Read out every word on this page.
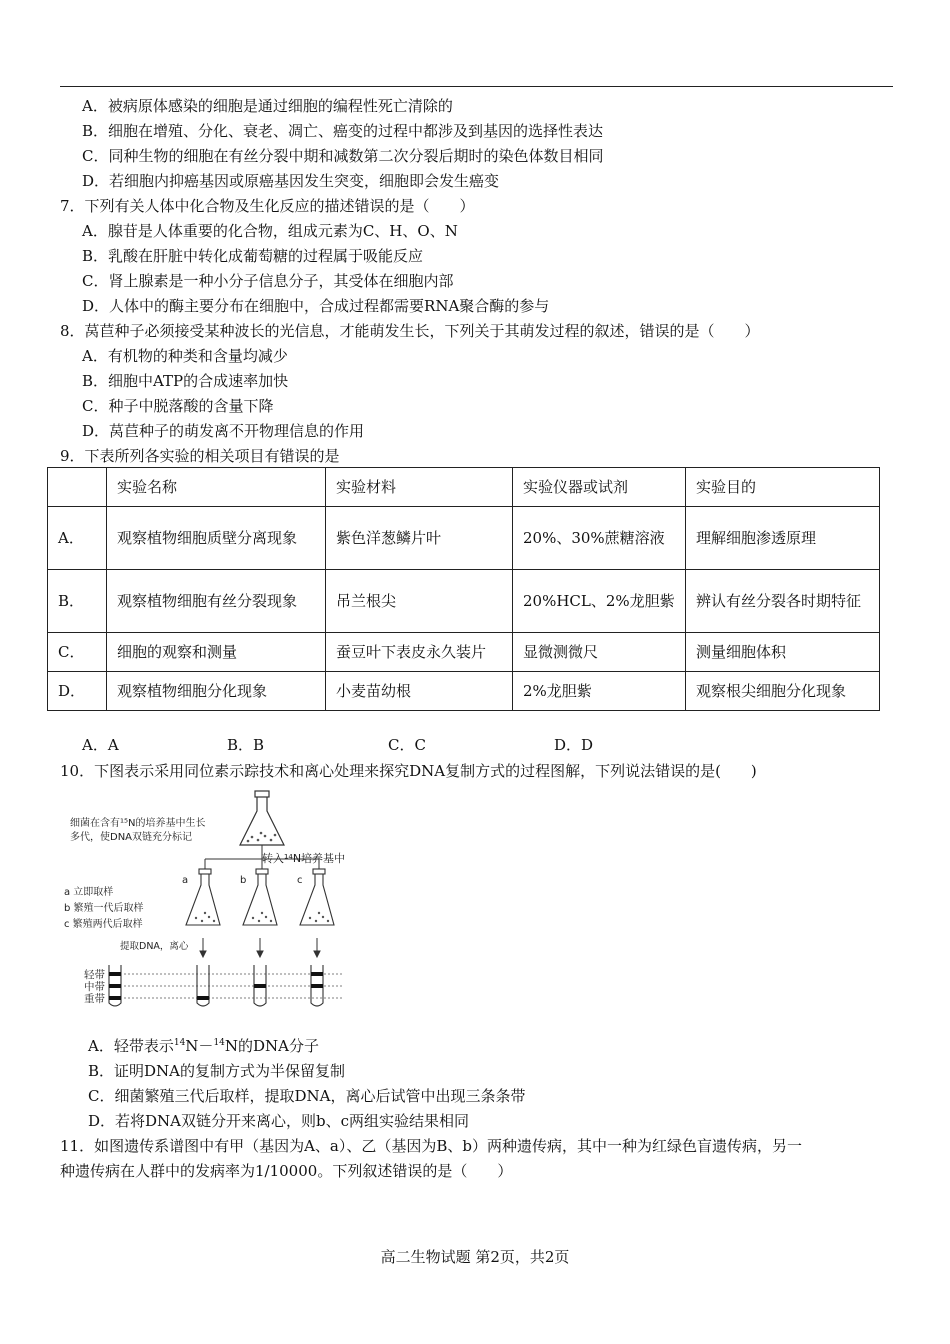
A．被病原体感染的细胞是通过细胞的编程性死亡清除的
B．细胞在增殖、分化、衰老、凋亡、癌变的过程中都涉及到基因的选择性表达
C．同种生物的细胞在有丝分裂中期和减数第二次分裂后期时的染色体数目相同
D．若细胞内抑癌基因或原癌基因发生突变，细胞即会发生癌变
7．下列有关人体中化合物及生化反应的描述错误的是（　　）
A．腺苷是人体重要的化合物，组成元素为C、H、O、N
B．乳酸在肝脏中转化成葡萄糖的过程属于吸能反应
C．肾上腺素是一种小分子信息分子，其受体在细胞内部
D．人体中的酶主要分布在细胞中，合成过程都需要RNA聚合酶的参与
8．莴苣种子必须接受某种波长的光信息，才能萌发生长，下列关于其萌发过程的叙述，错误的是（　　）
A．有机物的种类和含量均减少
B．细胞中ATP的合成速率加快
C．种子中脱落酸的含量下降
D．莴苣种子的萌发离不开物理信息的作用
9．下表所列各实验的相关项目有错误的是
	实验名称	实验材料	实验仪器或试剂	实验目的
A．	观察植物细胞质壁分离现象	紫色洋葱鳞片叶	20%、30%蔗糖溶液	理解细胞渗透原理
B．	观察植物细胞有丝分裂现象	吊兰根尖	20%HCL、2%龙胆紫	辨认有丝分裂各时期特征
C．	细胞的观察和测量	蚕豆叶下表皮永久装片	显微测微尺	测量细胞体积
D．	观察植物细胞分化现象	小麦苗幼根	2%龙胆紫	观察根尖细胞分化现象
A．A	B．B	C．C	D．D
10．下图表示采用同位素示踪技术和离心处理来探究DNA复制方式的过程图解，下列说法错误的是(　　)
细菌在含有¹⁵N的培养基中生长
多代，使DNA双链充分标记
转入¹⁴N培养基中
a	b	c
a 立即取样
b 繁殖一代后取样
c 繁殖两代后取样
提取DNA，离心
轻带
中带
重带
A．轻带表示$^{14}$N－$^{14}$N的DNA分子
B．证明DNA的复制方式为半保留复制
C．细菌繁殖三代后取样，提取DNA，离心后试管中出现三条条带
D．若将DNA双链分开来离心，则b、c两组实验结果相同
11．如图遗传系谱图中有甲（基因为A、a）、乙（基因为B、b）两种遗传病，其中一种为红绿色盲遗传病，另一
种遗传病在人群中的发病率为1/10000。下列叙述错误的是（　　）
高二生物试题 第2页，共2页
